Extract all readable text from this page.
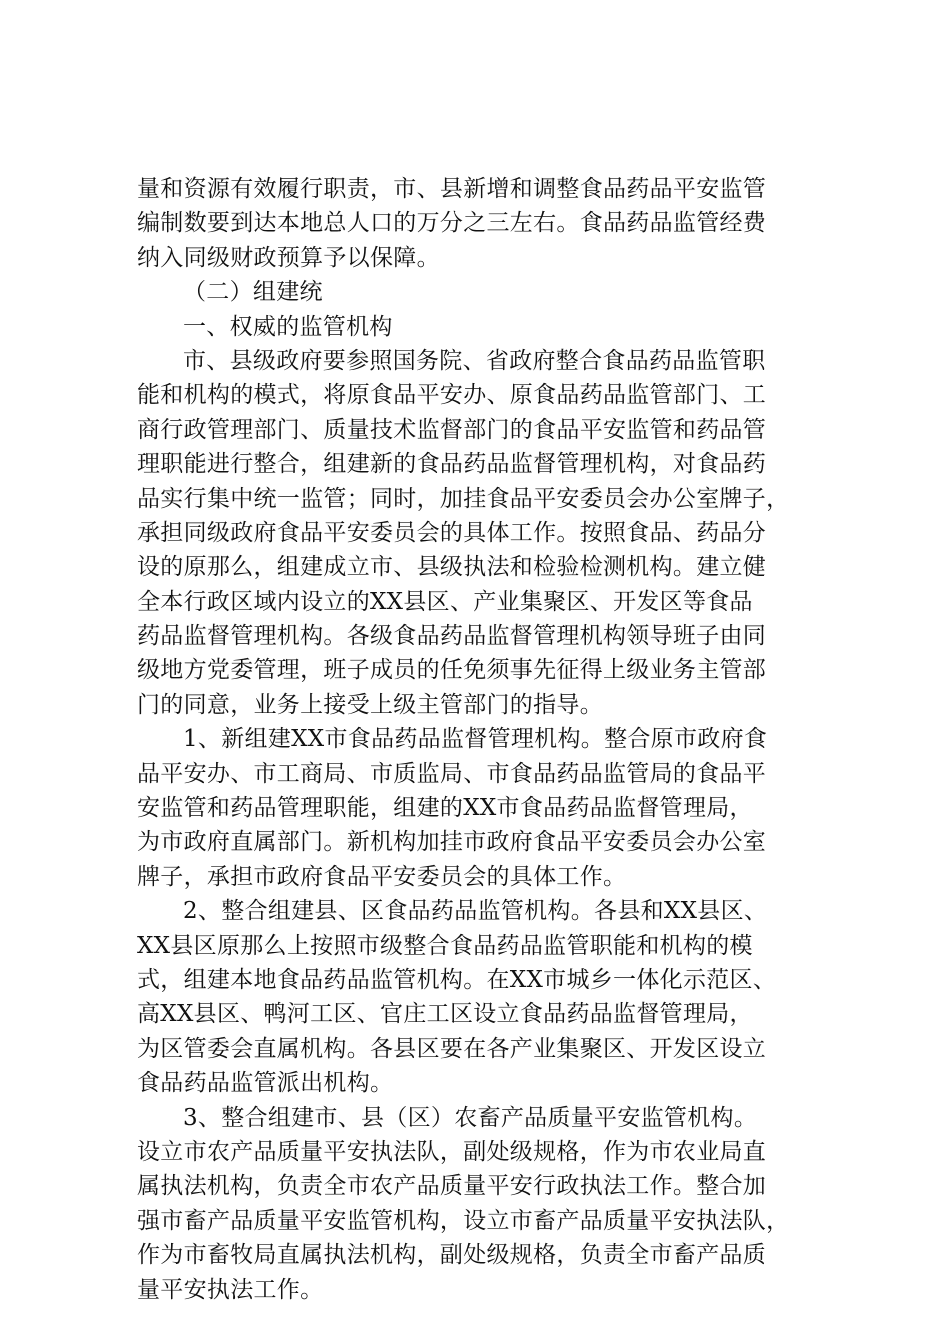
量和资源有效履行职责，市、县新增和调整食品药品平安监管
编制数要到达本地总人口的万分之三左右。食品药品监管经费
纳入同级财政预算予以保障。
（二）组建统
一、权威的监管机构
市、县级政府要参照国务院、省政府整合食品药品监管职
能和机构的模式，将原食品平安办、原食品药品监管部门、工
商行政管理部门、质量技术监督部门的食品平安监管和药品管
理职能进行整合，组建新的食品药品监督管理机构，对食品药
品实行集中统一监管；同时，加挂食品平安委员会办公室牌子，
承担同级政府食品平安委员会的具体工作。按照食品、药品分
设的原那么，组建成立市、县级执法和检验检测机构。建立健
全本行政区域内设立的XX县区、产业集聚区、开发区等食品
药品监督管理机构。各级食品药品监督管理机构领导班子由同
级地方党委管理，班子成员的任免须事先征得上级业务主管部
门的同意，业务上接受上级主管部门的指导。
1、新组建XX市食品药品监督管理机构。整合原市政府食
品平安办、市工商局、市质监局、市食品药品监管局的食品平
安监管和药品管理职能，组建的XX市食品药品监督管理局，
为市政府直属部门。新机构加挂市政府食品平安委员会办公室
牌子，承担市政府食品平安委员会的具体工作。
2、整合组建县、区食品药品监管机构。各县和XX县区、
XX县区原那么上按照市级整合食品药品监管职能和机构的模
式，组建本地食品药品监管机构。在XX市城乡一体化示范区、
高XX县区、鸭河工区、官庄工区设立食品药品监督管理局，
为区管委会直属机构。各县区要在各产业集聚区、开发区设立
食品药品监管派出机构。
3、整合组建市、县（区）农畜产品质量平安监管机构。
设立市农产品质量平安执法队，副处级规格，作为市农业局直
属执法机构，负责全市农产品质量平安行政执法工作。整合加
强市畜产品质量平安监管机构，设立市畜产品质量平安执法队，
作为市畜牧局直属执法机构，副处级规格，负责全市畜产品质
量平安执法工作。
